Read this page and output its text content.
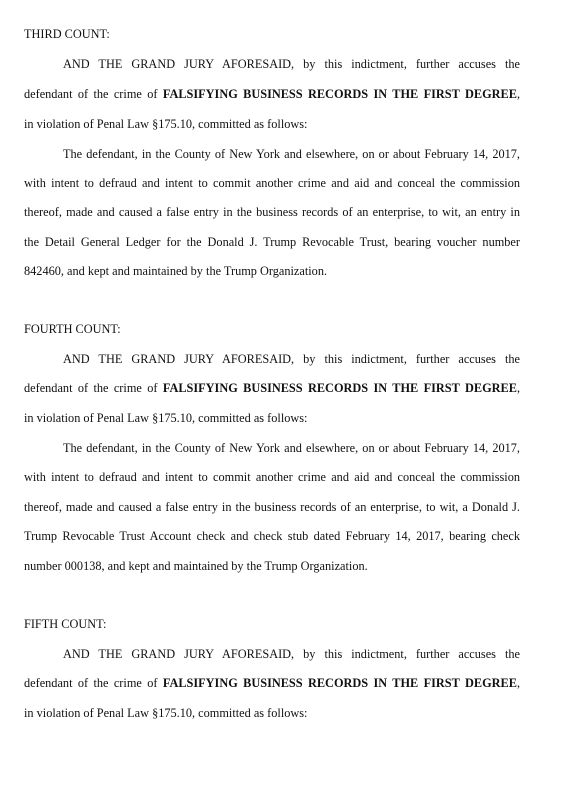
THIRD COUNT:
AND THE GRAND JURY AFORESAID, by this indictment, further accuses the
defendant of the crime of FALSIFYING BUSINESS RECORDS IN THE FIRST DEGREE,
in violation of Penal Law §175.10, committed as follows:
The defendant, in the County of New York and elsewhere, on or about February 14, 2017,
with intent to defraud and intent to commit another crime and aid and conceal the commission
thereof, made and caused a false entry in the business records of an enterprise, to wit, an entry in
the Detail General Ledger for the Donald J. Trump Revocable Trust, bearing voucher number
842460, and kept and maintained by the Trump Organization.
FOURTH COUNT:
AND THE GRAND JURY AFORESAID, by this indictment, further accuses the
defendant of the crime of FALSIFYING BUSINESS RECORDS IN THE FIRST DEGREE,
in violation of Penal Law §175.10, committed as follows:
The defendant, in the County of New York and elsewhere, on or about February 14, 2017,
with intent to defraud and intent to commit another crime and aid and conceal the commission
thereof, made and caused a false entry in the business records of an enterprise, to wit, a Donald J.
Trump Revocable Trust Account check and check stub dated February 14, 2017, bearing check
number 000138, and kept and maintained by the Trump Organization.
FIFTH COUNT:
AND THE GRAND JURY AFORESAID, by this indictment, further accuses the
defendant of the crime of FALSIFYING BUSINESS RECORDS IN THE FIRST DEGREE,
in violation of Penal Law §175.10, committed as follows:
